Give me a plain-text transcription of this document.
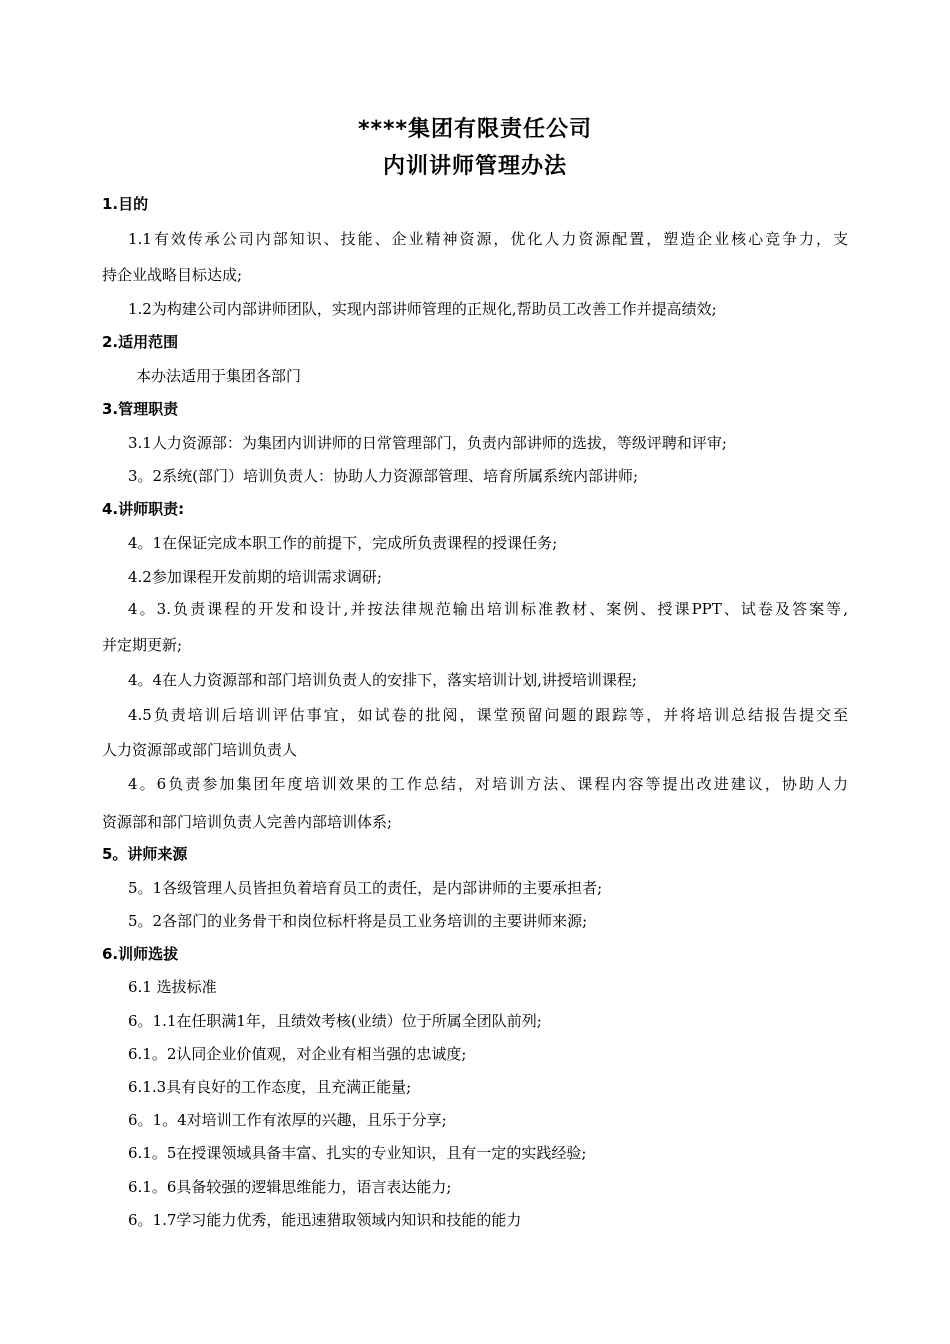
****集团有限责任公司
内训讲师管理办法
1.目的
1.1有效传承公司内部知识、技能、企业精神资源，优化人力资源配置，塑造企业核心竞争力，支
持企业战略目标达成;
1.2为构建公司内部讲师团队，实现内部讲师管理的正规化,帮助员工改善工作并提高绩效;
2.适用范围
本办法适用于集团各部门
3.管理职责
3.1人力资源部：为集团内训讲师的日常管理部门，负责内部讲师的选拔，等级评聘和评审;
3。2系统(部门）培训负责人：协助人力资源部管理、培育所属系统内部讲师;
4.讲师职责:
4。1在保证完成本职工作的前提下，完成所负责课程的授课任务;
4.2参加课程开发前期的培训需求调研;
4。3.负责课程的开发和设计,并按法律规范输出培训标准教材、案例、授课PPT、试卷及答案等,
并定期更新;
4。4在人力资源部和部门培训负责人的安排下，落实培训计划,讲授培训课程;
4.5负责培训后培训评估事宜，如试卷的批阅，课堂预留问题的跟踪等，并将培训总结报告提交至
人力资源部或部门培训负责人
4。6负责参加集团年度培训效果的工作总结，对培训方法、课程内容等提出改进建议，协助人力
资源部和部门培训负责人完善内部培训体系;
5。讲师来源
5。1各级管理人员皆担负着培育员工的责任，是内部讲师的主要承担者;
5。2各部门的业务骨干和岗位标杆将是员工业务培训的主要讲师来源;
6.训师选拔
6.1 选拔标准
6。1.1在任职满1年，且绩效考核(业绩）位于所属全团队前列;
6.1。2认同企业价值观，对企业有相当强的忠诚度;
6.1.3具有良好的工作态度，且充满正能量;
6。1。4对培训工作有浓厚的兴趣，且乐于分享;
6.1。5在授课领域具备丰富、扎实的专业知识，且有一定的实践经验;
6.1。6具备较强的逻辑思维能力，语言表达能力;
6。1.7学习能力优秀，能迅速猎取领域内知识和技能的能力
